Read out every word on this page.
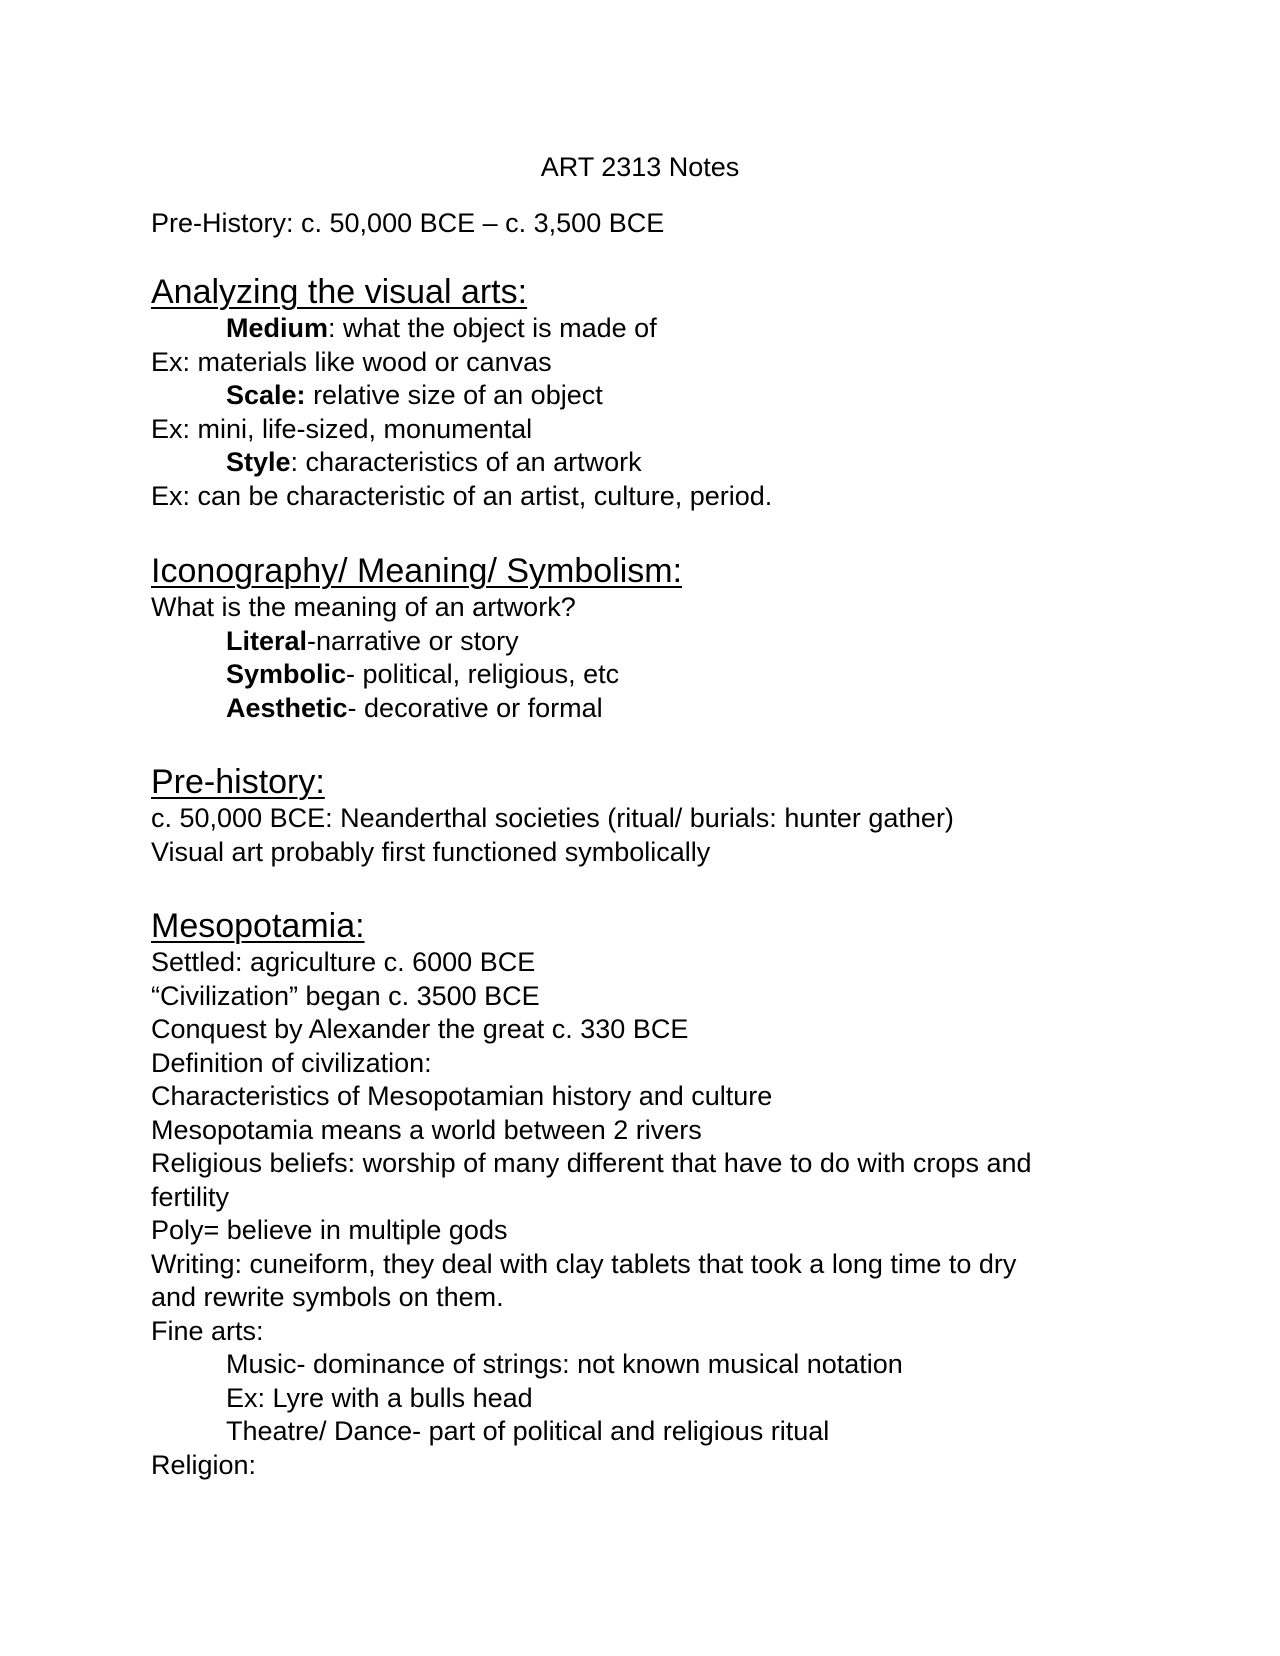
ART 2313 Notes
Pre-History: c. 50,000 BCE – c. 3,500 BCE
Analyzing the visual arts:
Medium: what the object is made of
Ex: materials like wood or canvas
Scale: relative size of an object
Ex: mini, life-sized, monumental
Style: characteristics of an artwork
Ex: can be characteristic of an artist, culture, period.
Iconography/ Meaning/ Symbolism:
What is the meaning of an artwork?
Literal-narrative or story
Symbolic- political, religious, etc
Aesthetic- decorative or formal
Pre-history:
c. 50,000 BCE: Neanderthal societies (ritual/ burials: hunter gather)
Visual art probably first functioned symbolically
Mesopotamia:
Settled: agriculture c. 6000 BCE
“Civilization” began c. 3500 BCE
Conquest by Alexander the great c. 330 BCE
Definition of civilization:
Characteristics of Mesopotamian history and culture
Mesopotamia means a world between 2 rivers
Religious beliefs: worship of many different that have to do with crops and
fertility
Poly= believe in multiple gods
Writing: cuneiform, they deal with clay tablets that took a long time to dry
and rewrite symbols on them.
Fine arts:
Music- dominance of strings: not known musical notation
Ex: Lyre with a bulls head
Theatre/ Dance- part of political and religious ritual
Religion:
